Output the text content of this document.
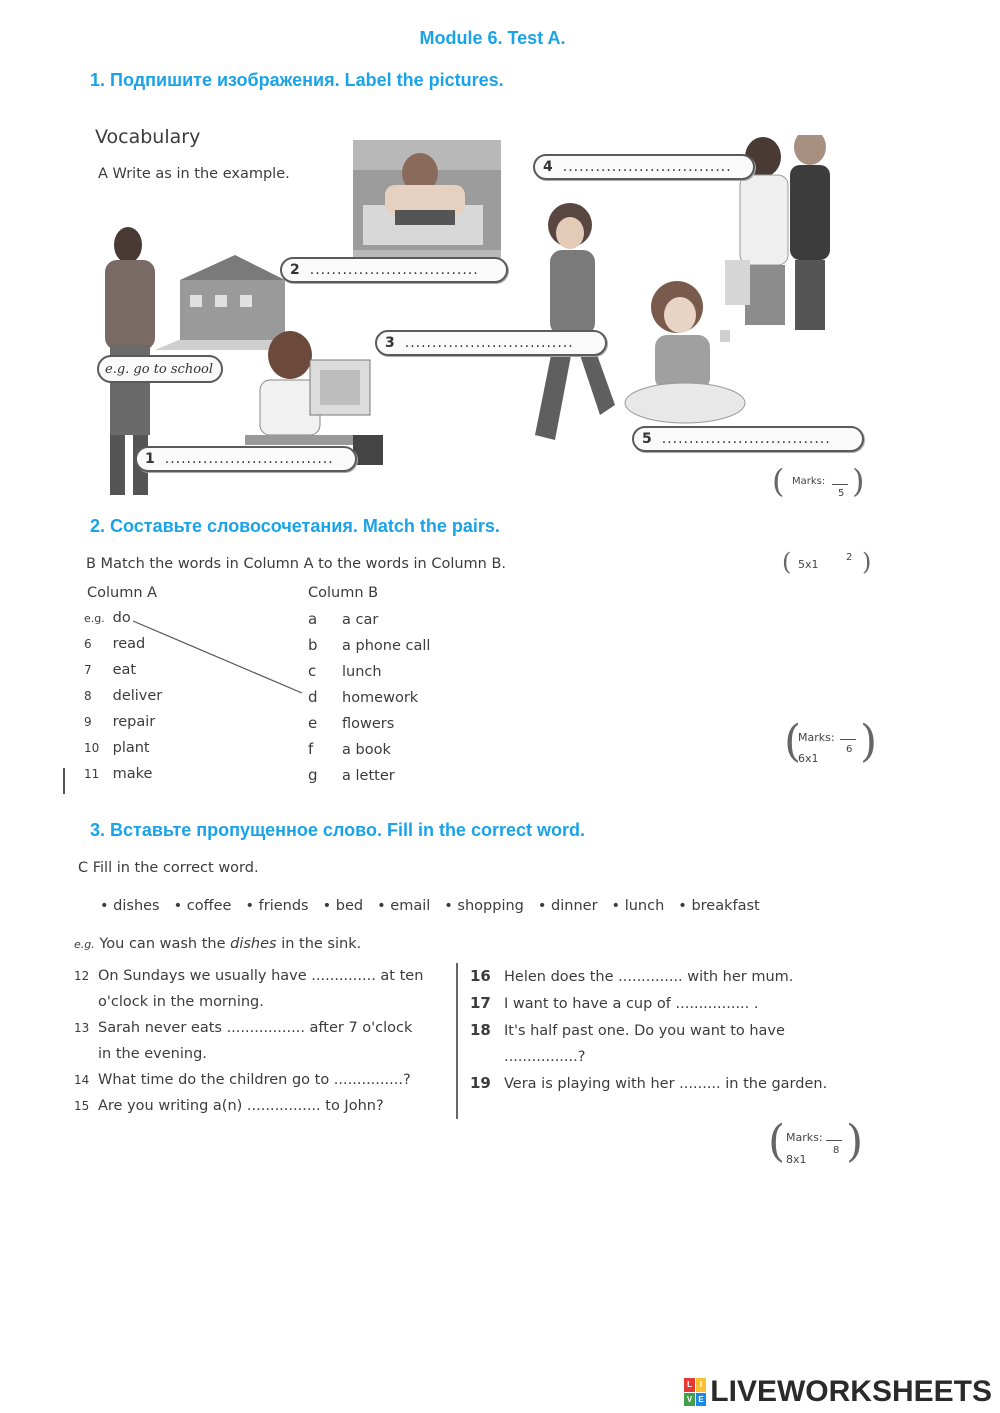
Module 6. Test A.
1. Подпишите изображения. Label the pictures.
Vocabulary
A Write as in the example.
e.g. go to school
1 ...............................
2 ...............................
3 ...............................
4 ...............................
5 ...............................
( Marks:
5 )
2. Составьте словосочетания. Match the pairs.
B Match the words in Column A to the words in Column B.	( 5x1
2 )
Column A	Column B
e.g. do
6 read
7 eat
8 deliver
9 repair
10 plant
11 make
a a car
b a phone call
c lunch
d homework
e flowers
f a book
g a letter
(
Marks:
6
6x1 )
3. Вставьте пропущенное слово. Fill in the correct word.
C Fill in the correct word.
• dishes • coffee • friends • bed • email • shopping • dinner • lunch • breakfast
e.g. You can wash the dishes in the sink.
12 On Sundays we usually have .............. at ten
o'clock in the morning.
13 Sarah never eats ................. after 7 o'clock
in the evening.
14 What time do the children go to ...............?
15 Are you writing a(n) ................ to John?
16 Helen does the .............. with her mum.
17 I want to have a cup of ................ .
18 It's half past one. Do you want to have
................?
19 Vera is playing with her ......... in the garden.
( Marks:
8
8x1 )
L I
V E LIVEWORKSHEETS
